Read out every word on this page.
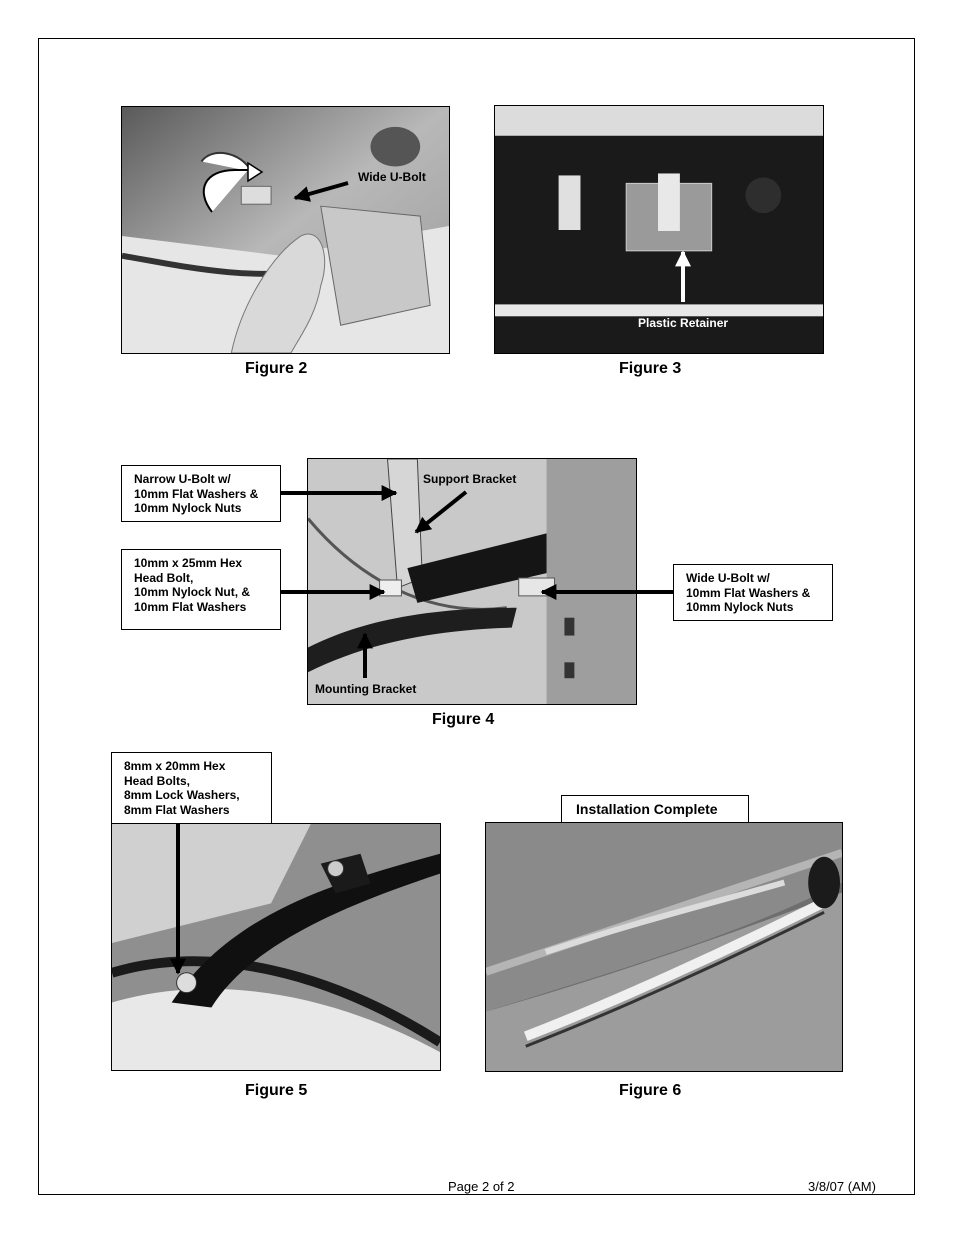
Wide U-Bolt
Figure 2
Plastic Retainer
Figure 3
Support Bracket
Mounting Bracket
Narrow U-Bolt w/
10mm Flat Washers &
10mm Nylock Nuts
10mm x 25mm Hex
Head Bolt,
10mm Nylock Nut, &
10mm Flat Washers
Wide U-Bolt w/
10mm Flat Washers &
10mm Nylock Nuts
Figure 4
8mm x 20mm Hex
Head Bolts,
8mm Lock Washers,
8mm Flat Washers
Figure 5
Installation Complete
Figure 6
Page 2 of 2	3/8/07 (AM)
